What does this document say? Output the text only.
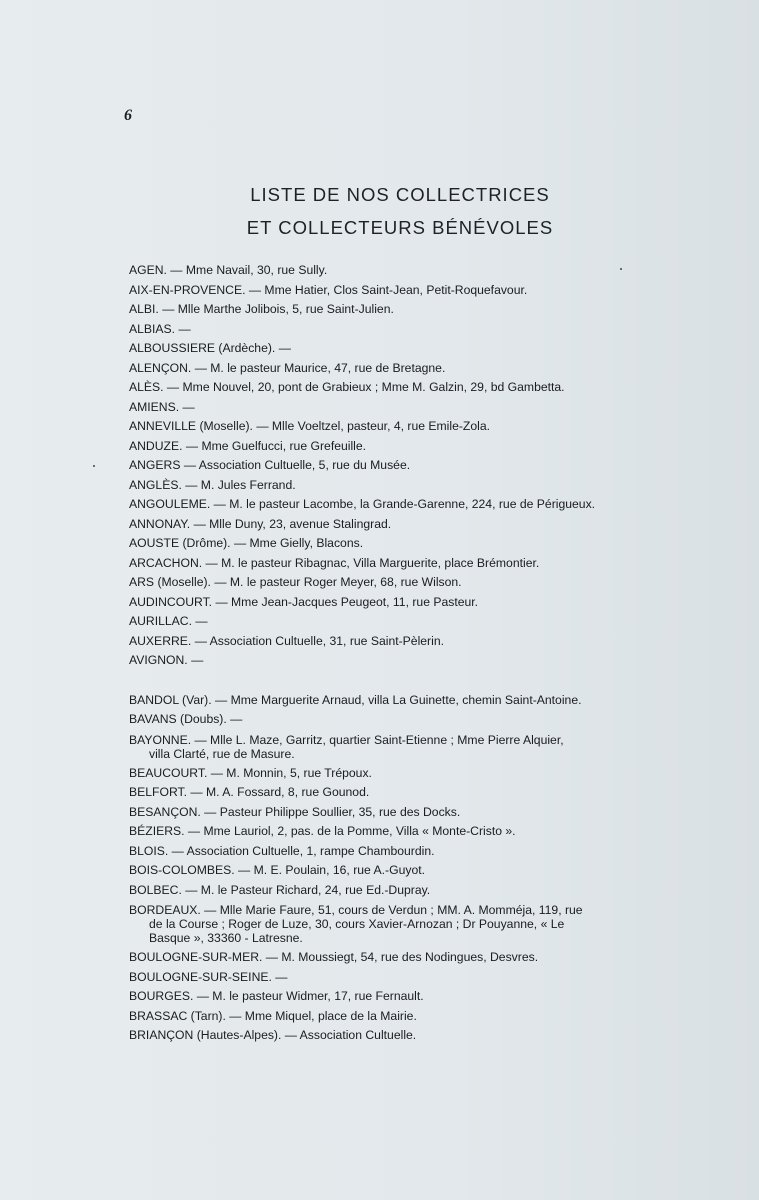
6
LISTE DE NOS COLLECTRICES
ET COLLECTEURS BÉNÉVOLES
AGEN. — Mme Navail, 30, rue Sully.
AIX-EN-PROVENCE. — Mme Hatier, Clos Saint-Jean, Petit-Roquefavour.
ALBI. — Mlle Marthe Jolibois, 5, rue Saint-Julien.
ALBIAS. —
ALBOUSSIERE (Ardèche). —
ALENÇON. — M. le pasteur Maurice, 47, rue de Bretagne.
ALÈS. — Mme Nouvel, 20, pont de Grabieux ; Mme M. Galzin, 29, bd Gambetta.
AMIENS. —
ANNEVILLE (Moselle). — Mlle Voeltzel, pasteur, 4, rue Emile-Zola.
ANDUZE. — Mme Guelfucci, rue Grefeuille.
ANGERS — Association Cultuelle, 5, rue du Musée.
ANGLÈS. — M. Jules Ferrand.
ANGOULEME. — M. le pasteur Lacombe, la Grande-Garenne, 224, rue de Périgueux.
ANNONAY. — Mlle Duny, 23, avenue Stalingrad.
AOUSTE (Drôme). — Mme Gielly, Blacons.
ARCACHON. — M. le pasteur Ribagnac, Villa Marguerite, place Brémontier.
ARS (Moselle). — M. le pasteur Roger Meyer, 68, rue Wilson.
AUDINCOURT. — Mme Jean-Jacques Peugeot, 11, rue Pasteur.
AURILLAC. —
AUXERRE. — Association Cultuelle, 31, rue Saint-Pèlerin.
AVIGNON. —
BANDOL (Var). — Mme Marguerite Arnaud, villa La Guinette, chemin Saint-Antoine.
BAVANS (Doubs). —
BAYONNE. — Mlle L. Maze, Garritz, quartier Saint-Etienne ; Mme Pierre Alquier,
villa Clarté, rue de Masure.
BEAUCOURT. — M. Monnin, 5, rue Trépoux.
BELFORT. — M. A. Fossard, 8, rue Gounod.
BESANÇON. — Pasteur Philippe Soullier, 35, rue des Docks.
BÉZIERS. — Mme Lauriol, 2, pas. de la Pomme, Villa « Monte-Cristo ».
BLOIS. — Association Cultuelle, 1, rampe Chambourdin.
BOIS-COLOMBES. — M. E. Poulain, 16, rue A.-Guyot.
BOLBEC. — M. le Pasteur Richard, 24, rue Ed.-Dupray.
BORDEAUX. — Mlle Marie Faure, 51, cours de Verdun ; MM. A. Momméja, 119, rue
de la Course ; Roger de Luze, 30, cours Xavier-Arnozan ; Dr Pouyanne, « Le
Basque », 33360 - Latresne.
BOULOGNE-SUR-MER. — M. Moussiegt, 54, rue des Nodingues, Desvres.
BOULOGNE-SUR-SEINE. —
BOURGES. — M. le pasteur Widmer, 17, rue Fernault.
BRASSAC (Tarn). — Mme Miquel, place de la Mairie.
BRIANÇON (Hautes-Alpes). — Association Cultuelle.
